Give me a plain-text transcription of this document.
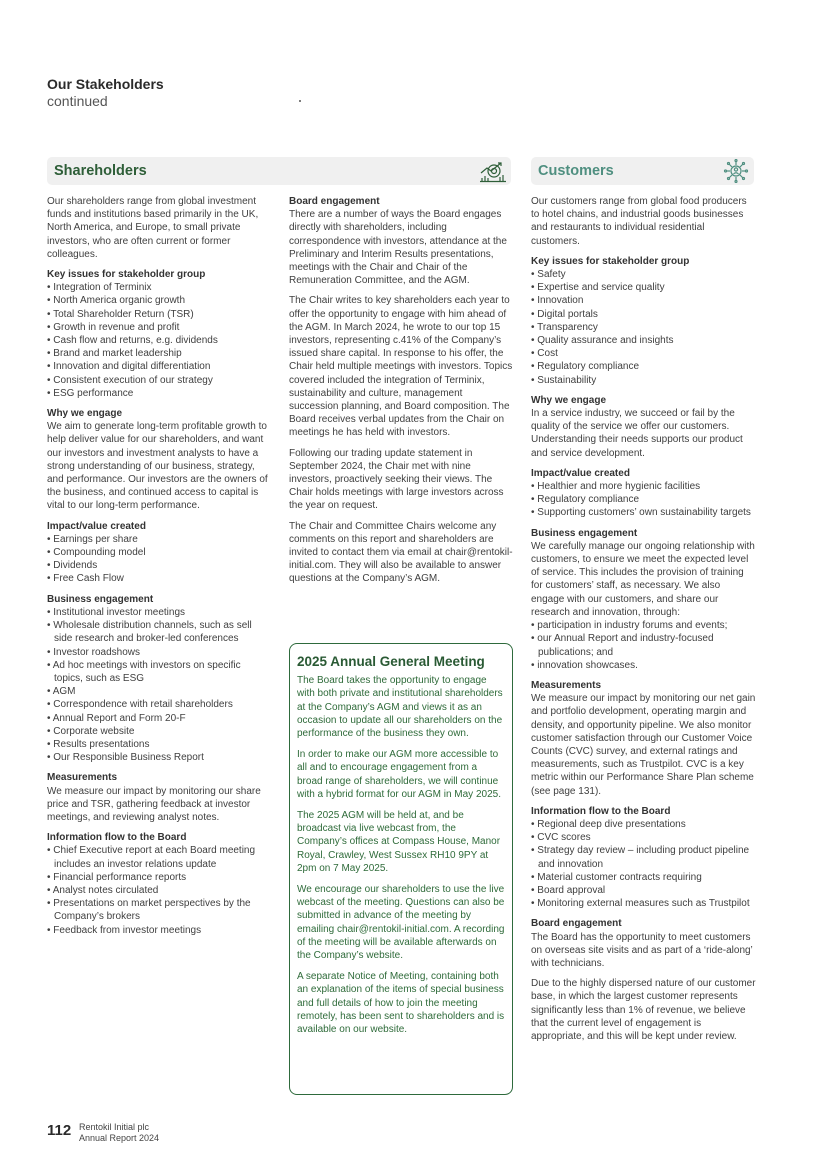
Our Stakeholders
continued
Shareholders	Customers

Our shareholders range from global investment funds and institutions based primarily in the UK, North America, and Europe, to small private investors, who are often current or former colleagues.

Key issues for stakeholder group
• Integration of Terminix
• North America organic growth
• Total Shareholder Return (TSR)
• Growth in revenue and profit
• Cash flow and returns, e.g. dividends
• Brand and market leadership
• Innovation and digital differentiation
• Consistent execution of our strategy
• ESG performance
Why we engage

We aim to generate long-term profitable growth to help deliver value for our shareholders, and want our investors and investment analysts to have a strong understanding of our business, strategy, and performance. Our investors are the owners of the business, and continued access to capital is vital to our long-term performance.

Impact/value created
• Earnings per share
• Compounding model
• Dividends
• Free Cash Flow
Business engagement
• Institutional investor meetings
• Wholesale distribution channels, such as sell side research and broker-led conferences
• Investor roadshows
• Ad hoc meetings with investors on specific topics, such as ESG
• AGM
• Correspondence with retail shareholders
• Annual Report and Form 20-F
• Corporate website
• Results presentations
• Our Responsible Business Report
Measurements

We measure our impact by monitoring our share price and TSR, gathering feedback at investor meetings, and reviewing analyst notes.

Information flow to the Board
• Chief Executive report at each Board meeting includes an investor relations update
• Financial performance reports
• Analyst notes circulated
• Presentations on market perspectives by the Company’s brokers
• Feedback from investor meetings
Board engagement

There are a number of ways the Board engages directly with shareholders, including correspondence with investors, attendance at the Preliminary and Interim Results presentations, meetings with the Chair and Chair of the Remuneration Committee, and the AGM.

The Chair writes to key shareholders each year to offer the opportunity to engage with him ahead of the AGM. In March 2024, he wrote to our top 15 investors, representing c.41% of the Company’s issued share capital. In response to his offer, the Chair held multiple meetings with investors. Topics covered included the integration of Terminix, sustainability and culture, management succession planning, and Board composition. The Board receives verbal updates from the Chair on meetings he has held with investors.

Following our trading update statement in September 2024, the Chair met with nine investors, proactively seeking their views. The Chair holds meetings with large investors across the year on request.

The Chair and Committee Chairs welcome any comments on this report and shareholders are invited to contact them via email at chair@rentokil-initial.com. They will also be available to answer questions at the Company’s AGM.

2025 Annual General Meeting

The Board takes the opportunity to engage with both private and institutional shareholders at the Company’s AGM and views it as an occasion to update all our shareholders on the performance of the business they own.

In order to make our AGM more accessible to all and to encourage engagement from a broad range of shareholders, we will continue with a hybrid format for our AGM in May 2025.

The 2025 AGM will be held at, and be broadcast via live webcast from, the Company’s offices at Compass House, Manor Royal, Crawley, West Sussex RH10 9PY at 2pm on 7 May 2025.

We encourage our shareholders to use the live webcast of the meeting. Questions can also be submitted in advance of the meeting by emailing chair@rentokil-initial.com. A recording of the meeting will be available afterwards on the Company’s website.

A separate Notice of Meeting, containing both an explanation of the items of special business and full details of how to join the meeting remotely, has been sent to shareholders and is available on our website.

Our customers range from global food producers to hotel chains, and industrial goods businesses and restaurants to individual residential customers.

Key issues for stakeholder group
• Safety
• Expertise and service quality
• Innovation
• Digital portals
• Transparency
• Quality assurance and insights
• Cost
• Regulatory compliance
• Sustainability
Why we engage

In a service industry, we succeed or fail by the quality of the service we offer our customers. Understanding their needs supports our product and service development.

Impact/value created
• Healthier and more hygienic facilities
• Regulatory compliance
• Supporting customers’ own sustainability targets
Business engagement

We carefully manage our ongoing relationship with customers, to ensure we meet the expected level of service. This includes the provision of training for customers’ staff, as necessary. We also engage with our customers, and share our research and innovation, through:

• participation in industry forums and events;
• our Annual Report and industry-focused publications; and
• innovation showcases.
Measurements

We measure our impact by monitoring our net gain and portfolio development, operating margin and density, and opportunity pipeline. We also monitor customer satisfaction through our Customer Voice Counts (CVC) survey, and external ratings and measurements, such as Trustpilot. CVC is a key metric within our Performance Share Plan scheme (see page 131).

Information flow to the Board
• Regional deep dive presentations
• CVC scores
• Strategy day review – including product pipeline and innovation
• Material customer contracts requiring
• Board approval
• Monitoring external measures such as Trustpilot
Board engagement

The Board has the opportunity to meet customers on overseas site visits and as part of a ‘ride-along’ with technicians.

Due to the highly dispersed nature of our customer base, in which the largest customer represents significantly less than 1% of revenue, we believe that the current level of engagement is appropriate, and this will be kept under review.

112 Rentokil Initial plc
Annual Report 2024
